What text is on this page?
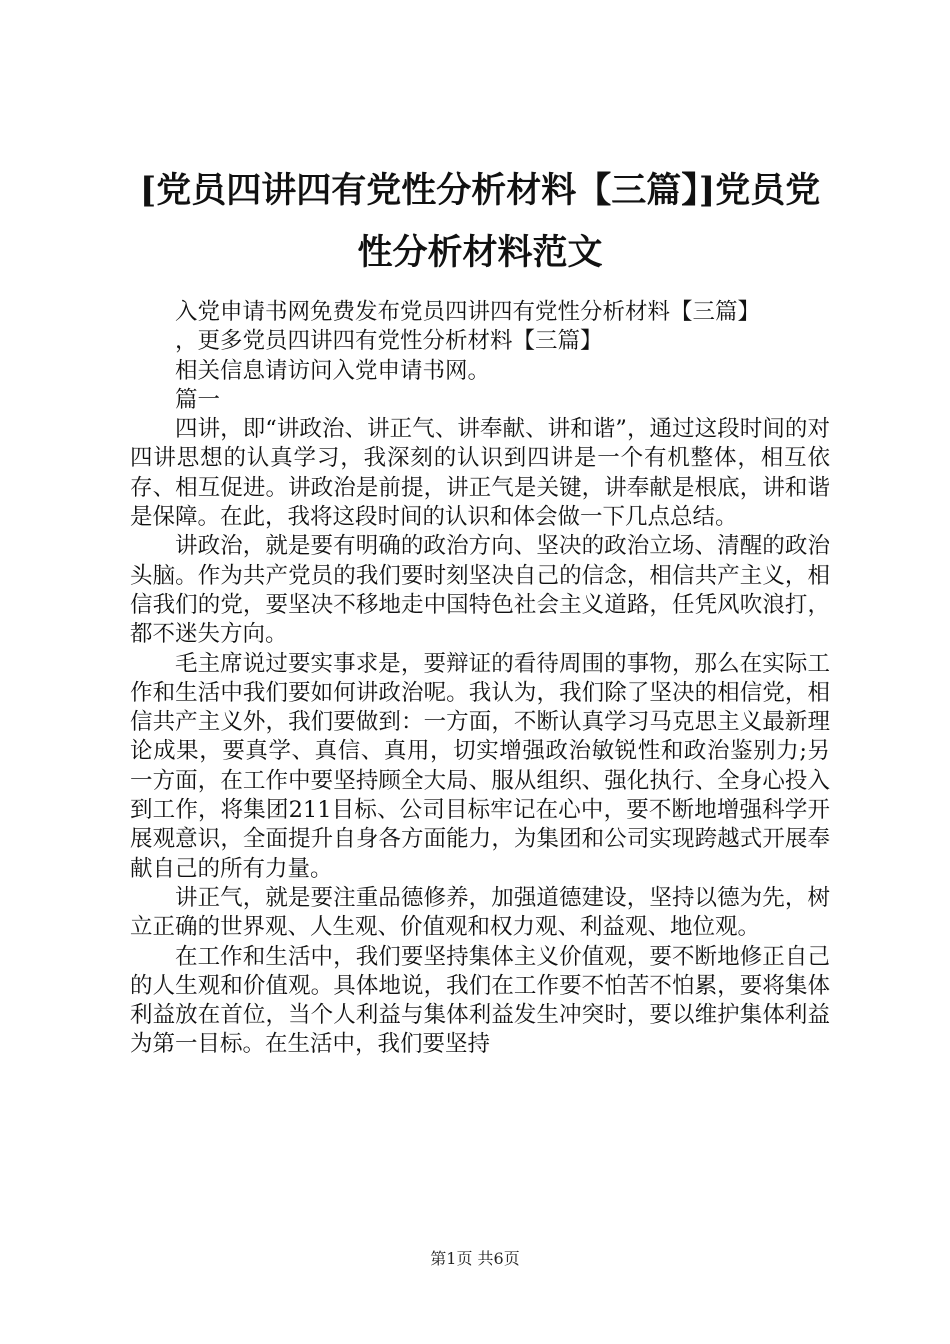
[党员四讲四有党性分析材料【三篇】]党员党
性分析材料范文
入党申请书网免费发布党员四讲四有党性分析材料【三篇】
，更多党员四讲四有党性分析材料【三篇】
相关信息请访问入党申请书网。
篇一

四讲，即“讲政治、讲正气、讲奉献、讲和谐”，通过这段时间的对四讲思想的认真学习，我深刻的认识到四讲是一个有机整体，相互依存、相互促进。讲政治是前提，讲正气是关键，讲奉献是根底，讲和谐是保障。在此，我将这段时间的认识和体会做一下几点总结。

讲政治，就是要有明确的政治方向、坚决的政治立场、清醒的政治头脑。作为共产党员的我们要时刻坚决自己的信念，相信共产主义，相信我们的党，要坚决不移地走中国特色社会主义道路，任凭风吹浪打，都不迷失方向。

毛主席说过要实事求是，要辩证的看待周围的事物，那么在实际工作和生活中我们要如何讲政治呢。我认为，我们除了坚决的相信党，相信共产主义外，我们要做到：一方面，不断认真学习马克思主义最新理论成果，要真学、真信、真用，切实增强政治敏锐性和政治鉴别力;另一方面，在工作中要坚持顾全大局、服从组织、强化执行、全身心投入到工作，将集团211目标、公司目标牢记在心中，要不断地增强科学开展观意识，全面提升自身各方面能力，为集团和公司实现跨越式开展奉献自己的所有力量。

讲正气，就是要注重品德修养，加强道德建设，坚持以德为先，树立正确的世界观、人生观、价值观和权力观、利益观、地位观。

在工作和生活中，我们要坚持集体主义价值观，要不断地修正自己的人生观和价值观。具体地说，我们在工作要不怕苦不怕累，要将集体利益放在首位，当个人利益与集体利益发生冲突时，要以维护集体利益为第一目标。在生活中，我们要坚持

第1页 共6页
